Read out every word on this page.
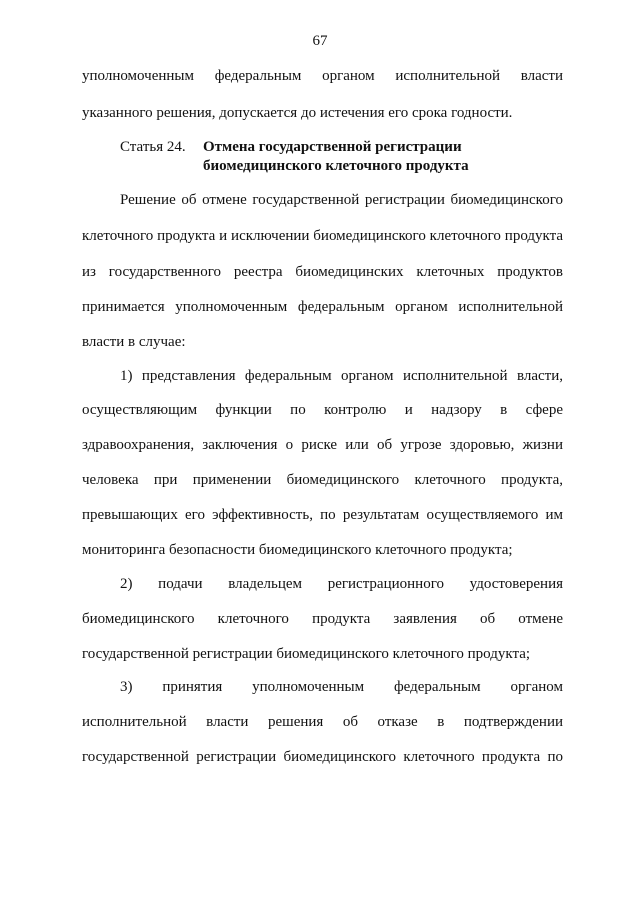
67
уполномоченным федеральным органом исполнительной власти
указанного решения, допускается до истечения его срока годности.
Статья 24. Отмена государственной регистрации
биомедицинского клеточного продукта
Решение об отмене государственной регистрации биомедицинского
клеточного продукта и исключении биомедицинского клеточного продукта
из государственного реестра биомедицинских клеточных продуктов
принимается уполномоченным федеральным органом исполнительной
власти в случае:
1) представления федеральным органом исполнительной власти,
осуществляющим функции по контролю и надзору в сфере
здравоохранения, заключения о риске или об угрозе здоровью, жизни
человека при применении биомедицинского клеточного продукта,
превышающих его эффективность, по результатам осуществляемого им
мониторинга безопасности биомедицинского клеточного продукта;
2) подачи владельцем регистрационного удостоверения
биомедицинского клеточного продукта заявления об отмене
государственной регистрации биомедицинского клеточного продукта;
3) принятия уполномоченным федеральным органом
исполнительной власти решения об отказе в подтверждении
государственной регистрации биомедицинского клеточного продукта по
